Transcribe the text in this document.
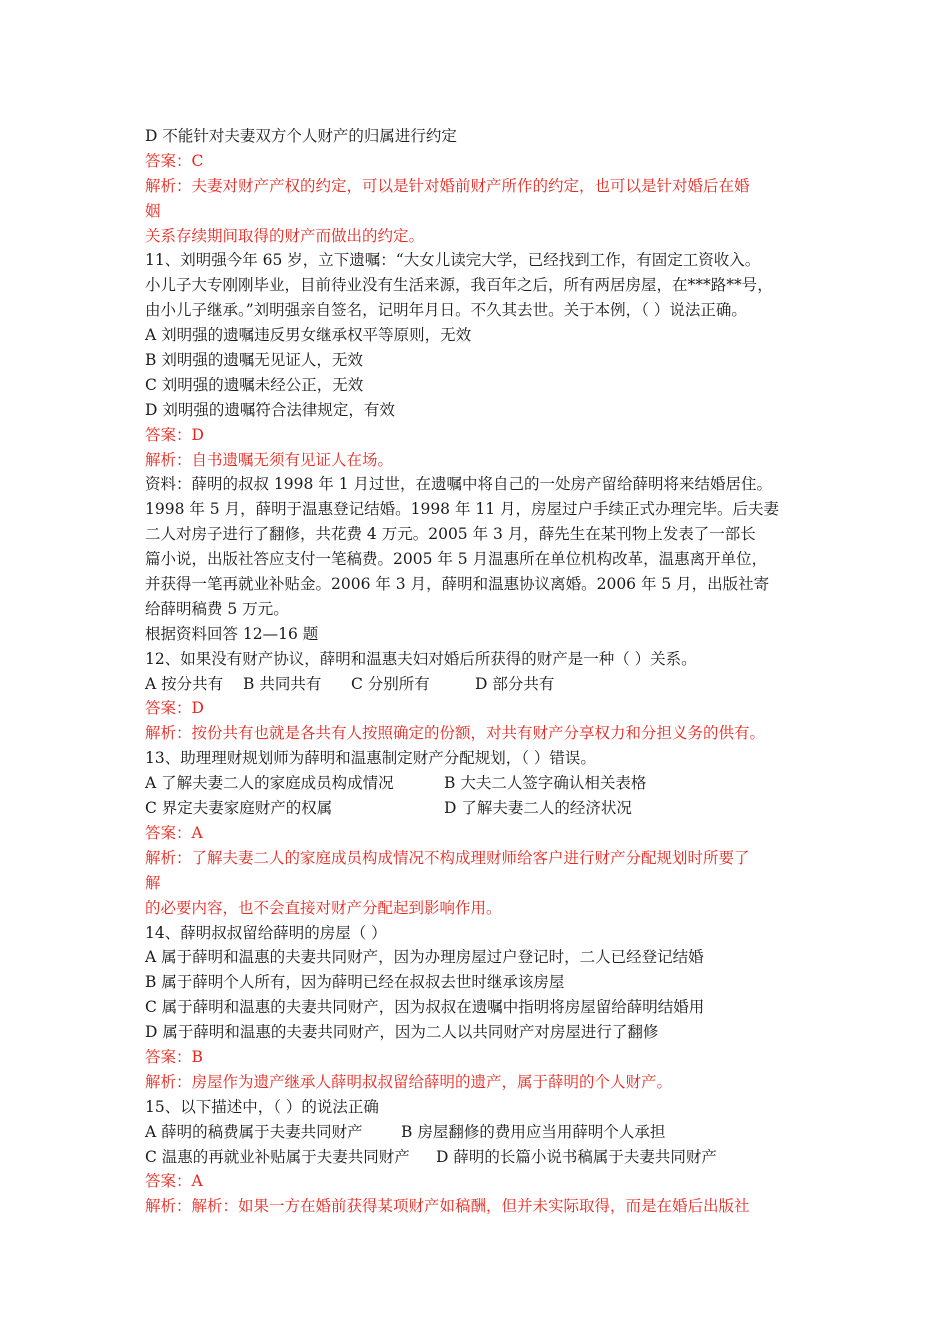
D 不能针对夫妻双方个人财产的归属进行约定
答案：C
解析：夫妻对财产产权的约定，可以是针对婚前财产所作的约定，也可以是针对婚后在婚
姻
关系存续期间取得的财产而做出的约定。
11、刘明强今年 65 岁，立下遗嘱：“大女儿读完大学，已经找到工作，有固定工资收入。
小儿子大专刚刚毕业，目前待业没有生活来源，我百年之后，所有两居房屋，在***路**号，
由小儿子继承。”刘明强亲自签名，记明年月日。不久其去世。关于本例，（ ）说法正确。
A 刘明强的遗嘱违反男女继承权平等原则，无效
B 刘明强的遗嘱无见证人，无效
C 刘明强的遗嘱未经公正，无效
D 刘明强的遗嘱符合法律规定，有效
答案：D
解析：自书遗嘱无须有见证人在场。
资料：薛明的叔叔 1998 年 1 月过世，在遗嘱中将自己的一处房产留给薛明将来结婚居住。
1998 年 5 月，薛明于温惠登记结婚。1998 年 11 月，房屋过户手续正式办理完毕。后夫妻
二人对房子进行了翻修，共花费 4 万元。2005 年 3 月，薛先生在某刊物上发表了一部长
篇小说，出版社答应支付一笔稿费。2005 年 5 月温惠所在单位机构改革，温惠离开单位，
并获得一笔再就业补贴金。2006 年 3 月，薛明和温惠协议离婚。2006 年 5 月，出版社寄
给薛明稿费 5 万元。
根据资料回答 12—16 题
12、如果没有财产协议，薛明和温惠夫妇对婚后所获得的财产是一种（ ）关系。
A 按分共有	B 共同共有	C 分别所有	D 部分共有
答案：D
解析：按份共有也就是各共有人按照确定的份额，对共有财产分享权力和分担义务的供有。
13、助理理财规划师为薛明和温惠制定财产分配规划，（ ）错误。
A 了解夫妻二人的家庭成员构成情况	B 大夫二人签字确认相关表格
C 界定夫妻家庭财产的权属	D 了解夫妻二人的经济状况
答案：A
解析：了解夫妻二人的家庭成员构成情况不构成理财师给客户进行财产分配规划时所要了
解
的必要内容，也不会直接对财产分配起到影响作用。
14、薛明叔叔留给薛明的房屋（ ）
A 属于薛明和温惠的夫妻共同财产，因为办理房屋过户登记时，二人已经登记结婚
B 属于薛明个人所有，因为薛明已经在叔叔去世时继承该房屋
C 属于薛明和温惠的夫妻共同财产，因为叔叔在遗嘱中指明将房屋留给薛明结婚用
D 属于薛明和温惠的夫妻共同财产，因为二人以共同财产对房屋进行了翻修
答案：B
解析：房屋作为遗产继承人薛明叔叔留给薛明的遗产，属于薛明的个人财产。
15、以下描述中，（ ）的说法正确
A 薛明的稿费属于夫妻共同财产	B 房屋翻修的费用应当用薛明个人承担
C 温惠的再就业补贴属于夫妻共同财产	D 薛明的长篇小说书稿属于夫妻共同财产
答案：A
解析：解析：如果一方在婚前获得某项财产如稿酬，但并未实际取得，而是在婚后出版社
